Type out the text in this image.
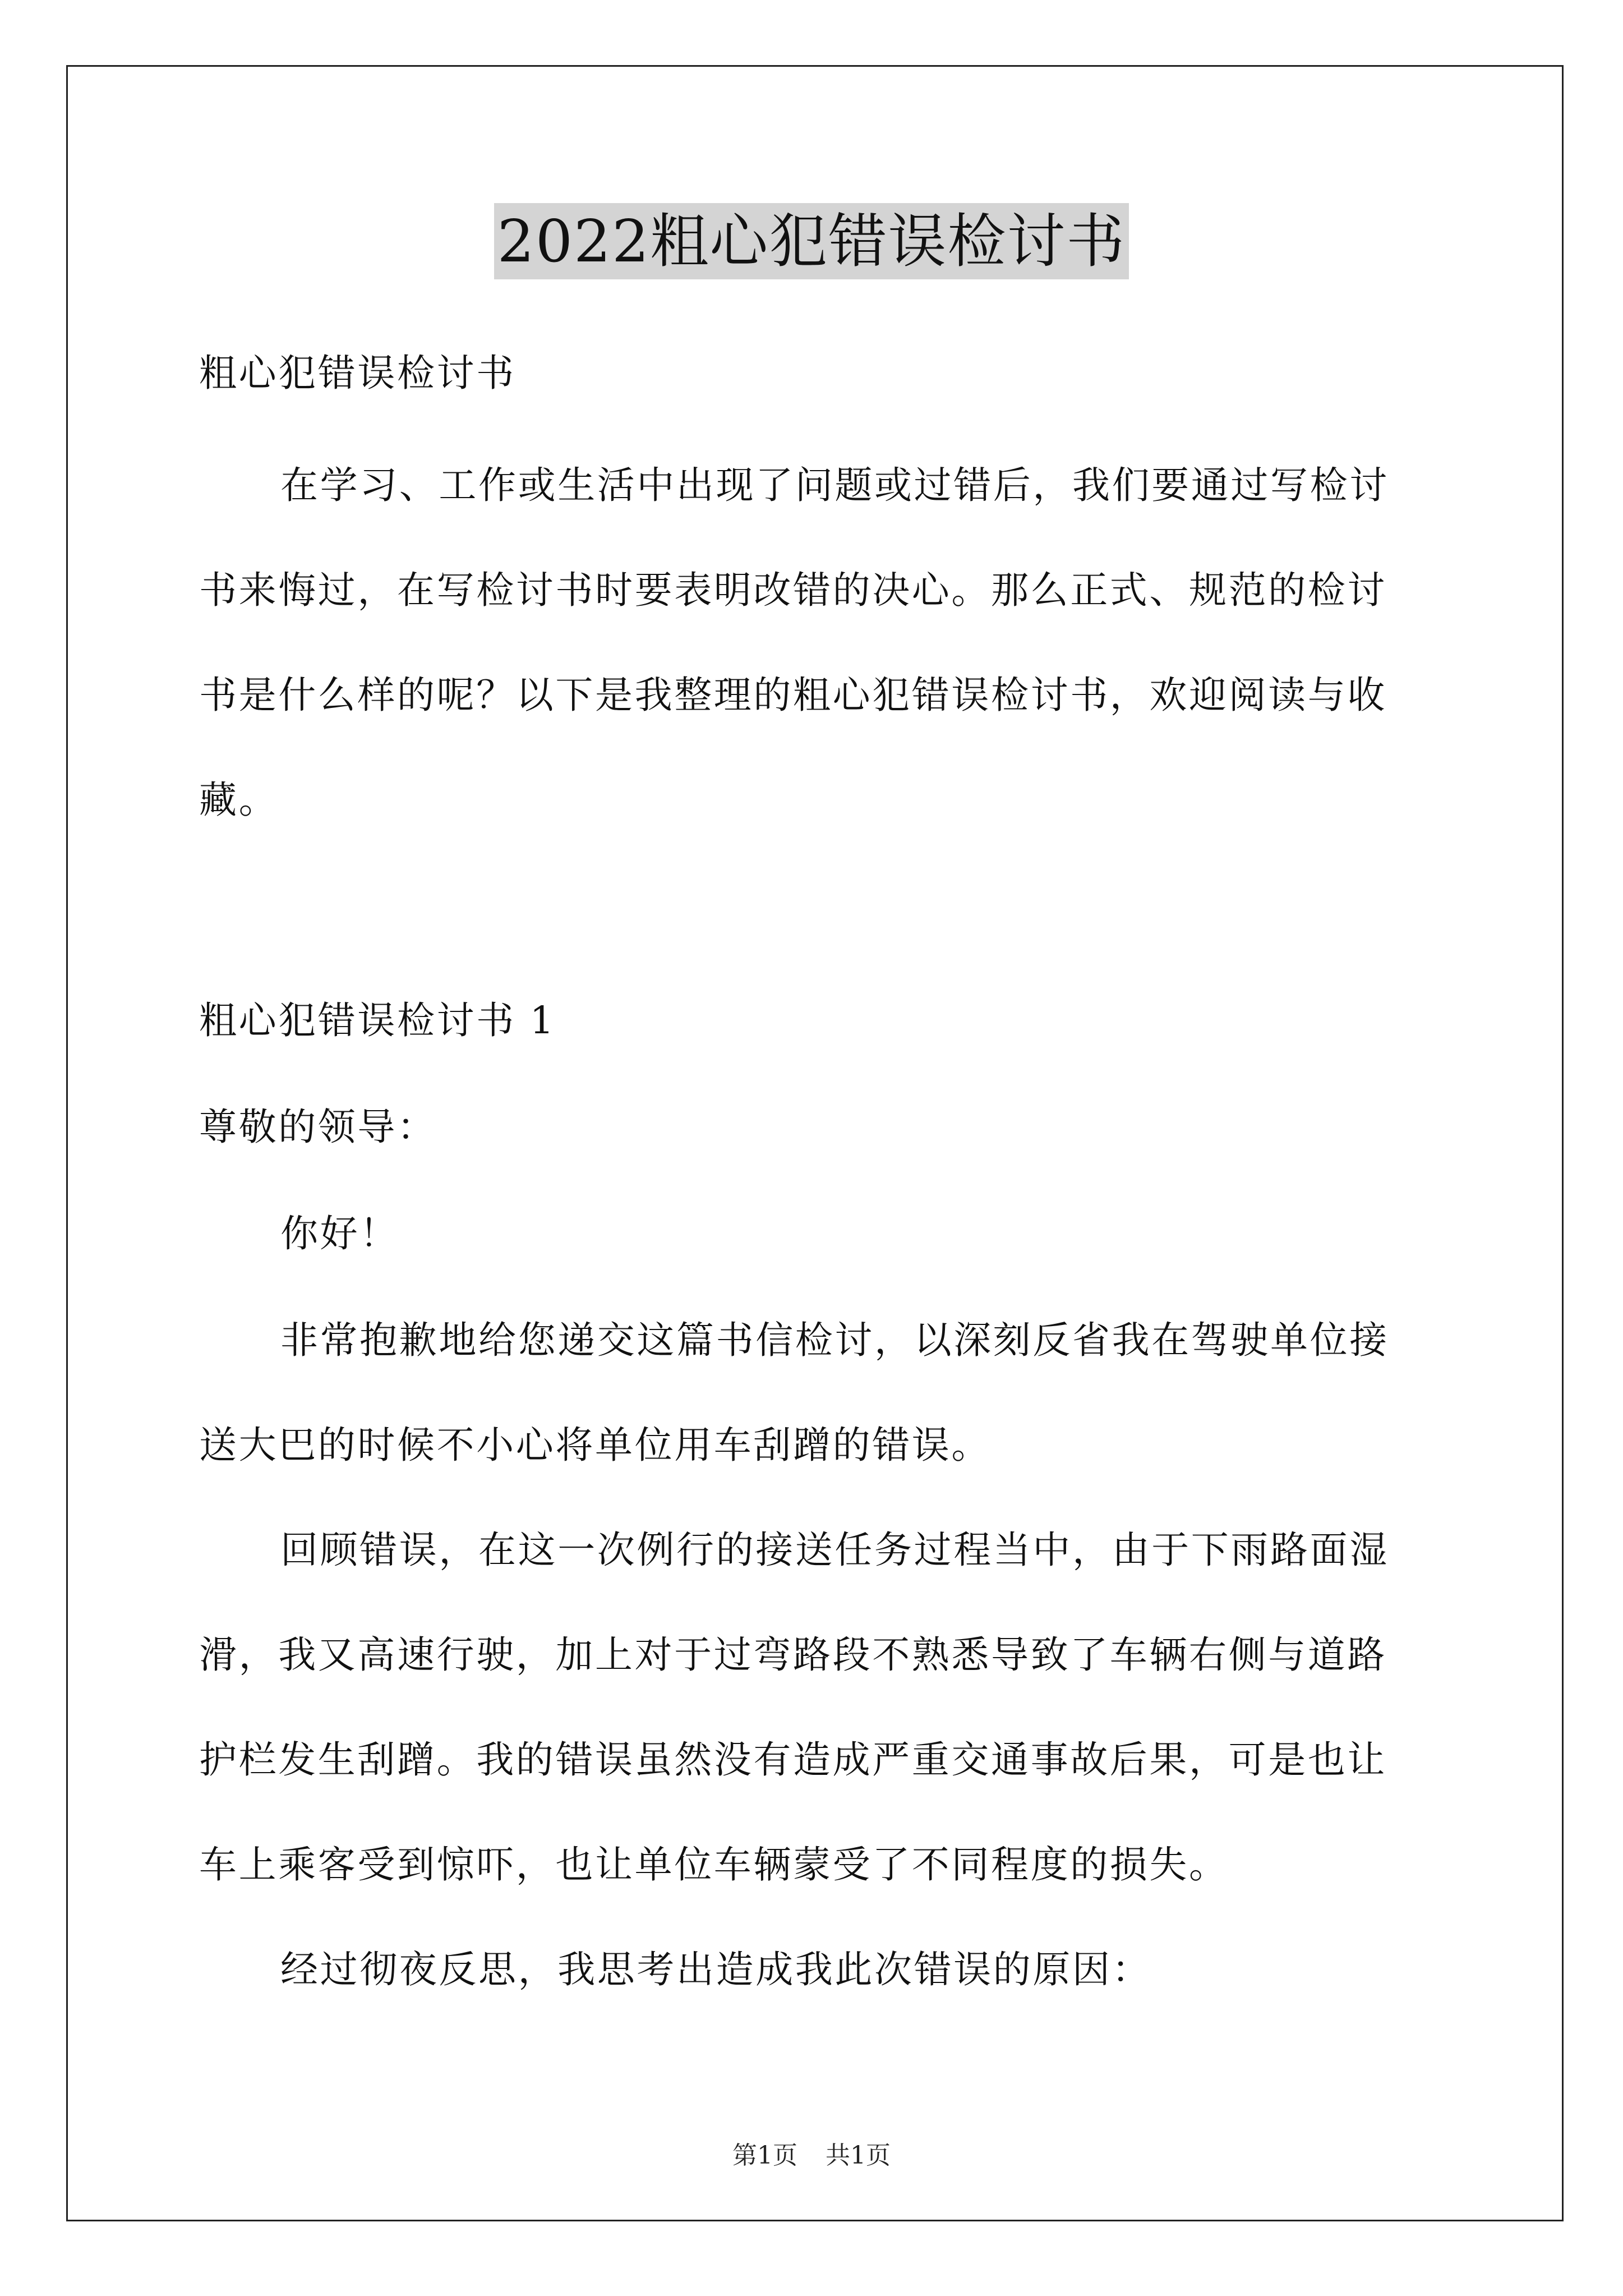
2022粗心犯错误检讨书
粗心犯错误检讨书
在学习、工作或生活中出现了问题或过错后，我们要通过写检讨
书来悔过，在写检讨书时要表明改错的决心。那么正式、规范的检讨
书是什么样的呢？以下是我整理的粗心犯错误检讨书，欢迎阅读与收
藏。
粗心犯错误检讨书 1
尊敬的领导：
你好！
非常抱歉地给您递交这篇书信检讨，以深刻反省我在驾驶单位接
送大巴的时候不小心将单位用车刮蹭的错误。
回顾错误，在这一次例行的接送任务过程当中，由于下雨路面湿
滑，我又高速行驶，加上对于过弯路段不熟悉导致了车辆右侧与道路
护栏发生刮蹭。我的错误虽然没有造成严重交通事故后果，可是也让
车上乘客受到惊吓，也让单位车辆蒙受了不同程度的损失。
经过彻夜反思，我思考出造成我此次错误的原因：
第1页 共1页
